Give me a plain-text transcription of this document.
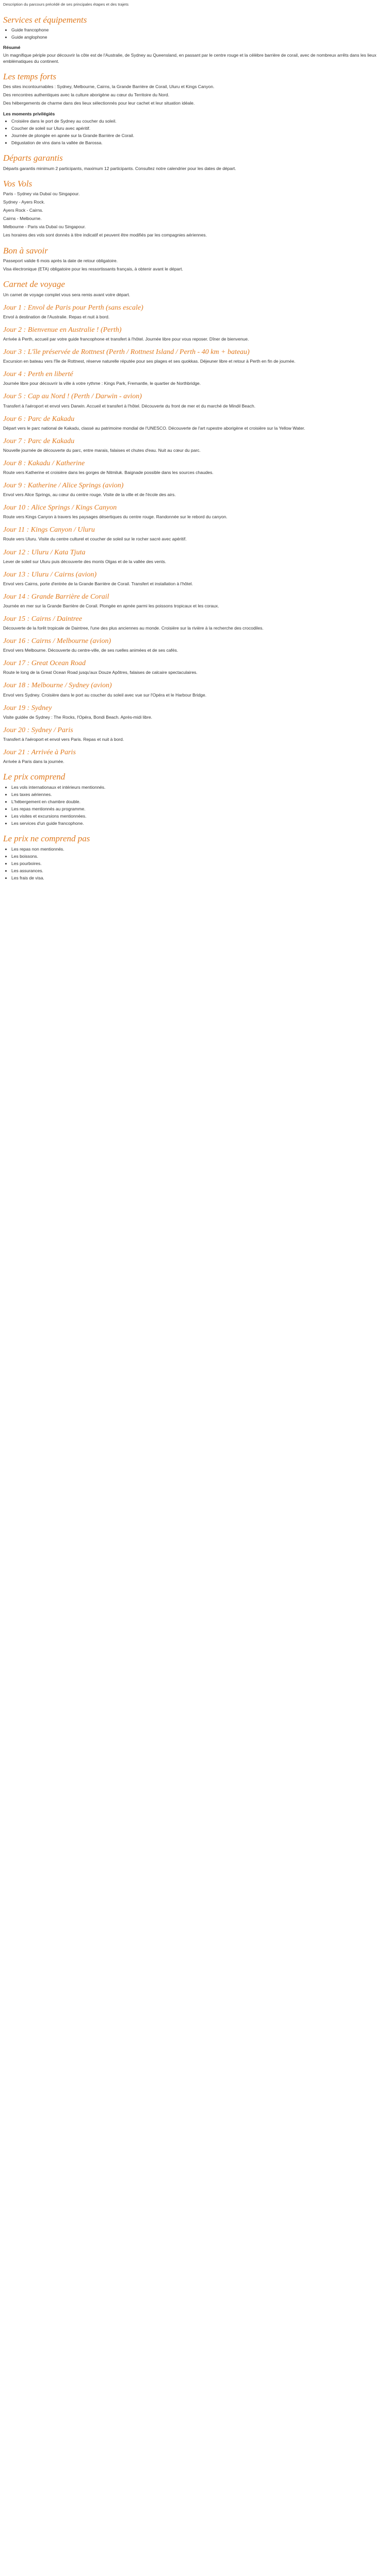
Description du parcours précédé de ses principales étapes et des trajets

Services et équipements
• Guide francophone
• Guide anglophone
Résumé

Un magnifique périple pour découvrir la côte est de l'Australie, de Sydney au Queensland, en passant par le centre rouge et la célèbre barrière de corail, avec de nombreux arrêts dans les lieux emblématiques du continent.

Les temps forts

Des sites incontournables : Sydney, Melbourne, Cairns, la Grande Barrière de Corail, Uluru et Kings Canyon.

Des rencontres authentiques avec la culture aborigène au cœur du Territoire du Nord.

Des hébergements de charme dans des lieux sélectionnés pour leur cachet et leur situation idéale.

Les moments privilégiés
• Croisière dans le port de Sydney au coucher du soleil.
• Coucher de soleil sur Uluru avec apéritif.
• Journée de plongée en apnée sur la Grande Barrière de Corail.
• Dégustation de vins dans la vallée de Barossa.
Départs garantis

Départs garantis minimum 2 participants, maximum 12 participants. Consultez notre calendrier pour les dates de départ.

Vos Vols

Paris - Sydney via Dubaï ou Singapour.

Sydney - Ayers Rock.

Ayers Rock - Cairns.

Cairns - Melbourne.

Melbourne - Paris via Dubaï ou Singapour.

Les horaires des vols sont donnés à titre indicatif et peuvent être modifiés par les compagnies aériennes.

Bon à savoir

Passeport valide 6 mois après la date de retour obligatoire.

Visa électronique (ETA) obligatoire pour les ressortissants français, à obtenir avant le départ.

Carnet de voyage

Un carnet de voyage complet vous sera remis avant votre départ.

Jour 1 : Envol de Paris pour Perth (sans escale)

Envol à destination de l'Australie. Repas et nuit à bord.

Jour 2 : Bienvenue en Australie ! (Perth)

Arrivée à Perth, accueil par votre guide francophone et transfert à l'hôtel. Journée libre pour vous reposer. Dîner de bienvenue.

Jour 3 : L'île préservée de Rottnest (Perth / Rottnest Island / Perth - 40 km + bateau)

Excursion en bateau vers l'île de Rottnest, réserve naturelle réputée pour ses plages et ses quokkas. Déjeuner libre et retour à Perth en fin de journée.

Jour 4 : Perth en liberté

Journée libre pour découvrir la ville à votre rythme : Kings Park, Fremantle, le quartier de Northbridge.

Jour 5 : Cap au Nord ! (Perth / Darwin - avion)

Transfert à l'aéroport et envol vers Darwin. Accueil et transfert à l'hôtel. Découverte du front de mer et du marché de Mindil Beach.

Jour 6 : Parc de Kakadu

Départ vers le parc national de Kakadu, classé au patrimoine mondial de l'UNESCO. Découverte de l'art rupestre aborigène et croisière sur la Yellow Water.

Jour 7 : Parc de Kakadu

Nouvelle journée de découverte du parc, entre marais, falaises et chutes d'eau. Nuit au cœur du parc.

Jour 8 : Kakadu / Katherine

Route vers Katherine et croisière dans les gorges de Nitmiluk. Baignade possible dans les sources chaudes.

Jour 9 : Katherine / Alice Springs (avion)

Envol vers Alice Springs, au cœur du centre rouge. Visite de la ville et de l'école des airs.

Jour 10 : Alice Springs / Kings Canyon

Route vers Kings Canyon à travers les paysages désertiques du centre rouge. Randonnée sur le rebord du canyon.

Jour 11 : Kings Canyon / Uluru

Route vers Uluru. Visite du centre culturel et coucher de soleil sur le rocher sacré avec apéritif.

Jour 12 : Uluru / Kata Tjuta

Lever de soleil sur Uluru puis découverte des monts Olgas et de la vallée des vents.

Jour 13 : Uluru / Cairns (avion)

Envol vers Cairns, porte d'entrée de la Grande Barrière de Corail. Transfert et installation à l'hôtel.

Jour 14 : Grande Barrière de Corail

Journée en mer sur la Grande Barrière de Corail. Plongée en apnée parmi les poissons tropicaux et les coraux.

Jour 15 : Cairns / Daintree

Découverte de la forêt tropicale de Daintree, l'une des plus anciennes au monde. Croisière sur la rivière à la recherche des crocodiles.

Jour 16 : Cairns / Melbourne (avion)

Envol vers Melbourne. Découverte du centre-ville, de ses ruelles animées et de ses cafés.

Jour 17 : Great Ocean Road

Route le long de la Great Ocean Road jusqu'aux Douze Apôtres, falaises de calcaire spectaculaires.

Jour 18 : Melbourne / Sydney (avion)

Envol vers Sydney. Croisière dans le port au coucher du soleil avec vue sur l'Opéra et le Harbour Bridge.

Jour 19 : Sydney

Visite guidée de Sydney : The Rocks, l'Opéra, Bondi Beach. Après-midi libre.

Jour 20 : Sydney / Paris

Transfert à l'aéroport et envol vers Paris. Repas et nuit à bord.

Jour 21 : Arrivée à Paris

Arrivée à Paris dans la journée.

Le prix comprend
• Les vols internationaux et intérieurs mentionnés.
• Les taxes aériennes.
• L'hébergement en chambre double.
• Les repas mentionnés au programme.
• Les visites et excursions mentionnées.
• Les services d'un guide francophone.
Le prix ne comprend pas
• Les repas non mentionnés.
• Les boissons.
• Les pourboires.
• Les assurances.
• Les frais de visa.
